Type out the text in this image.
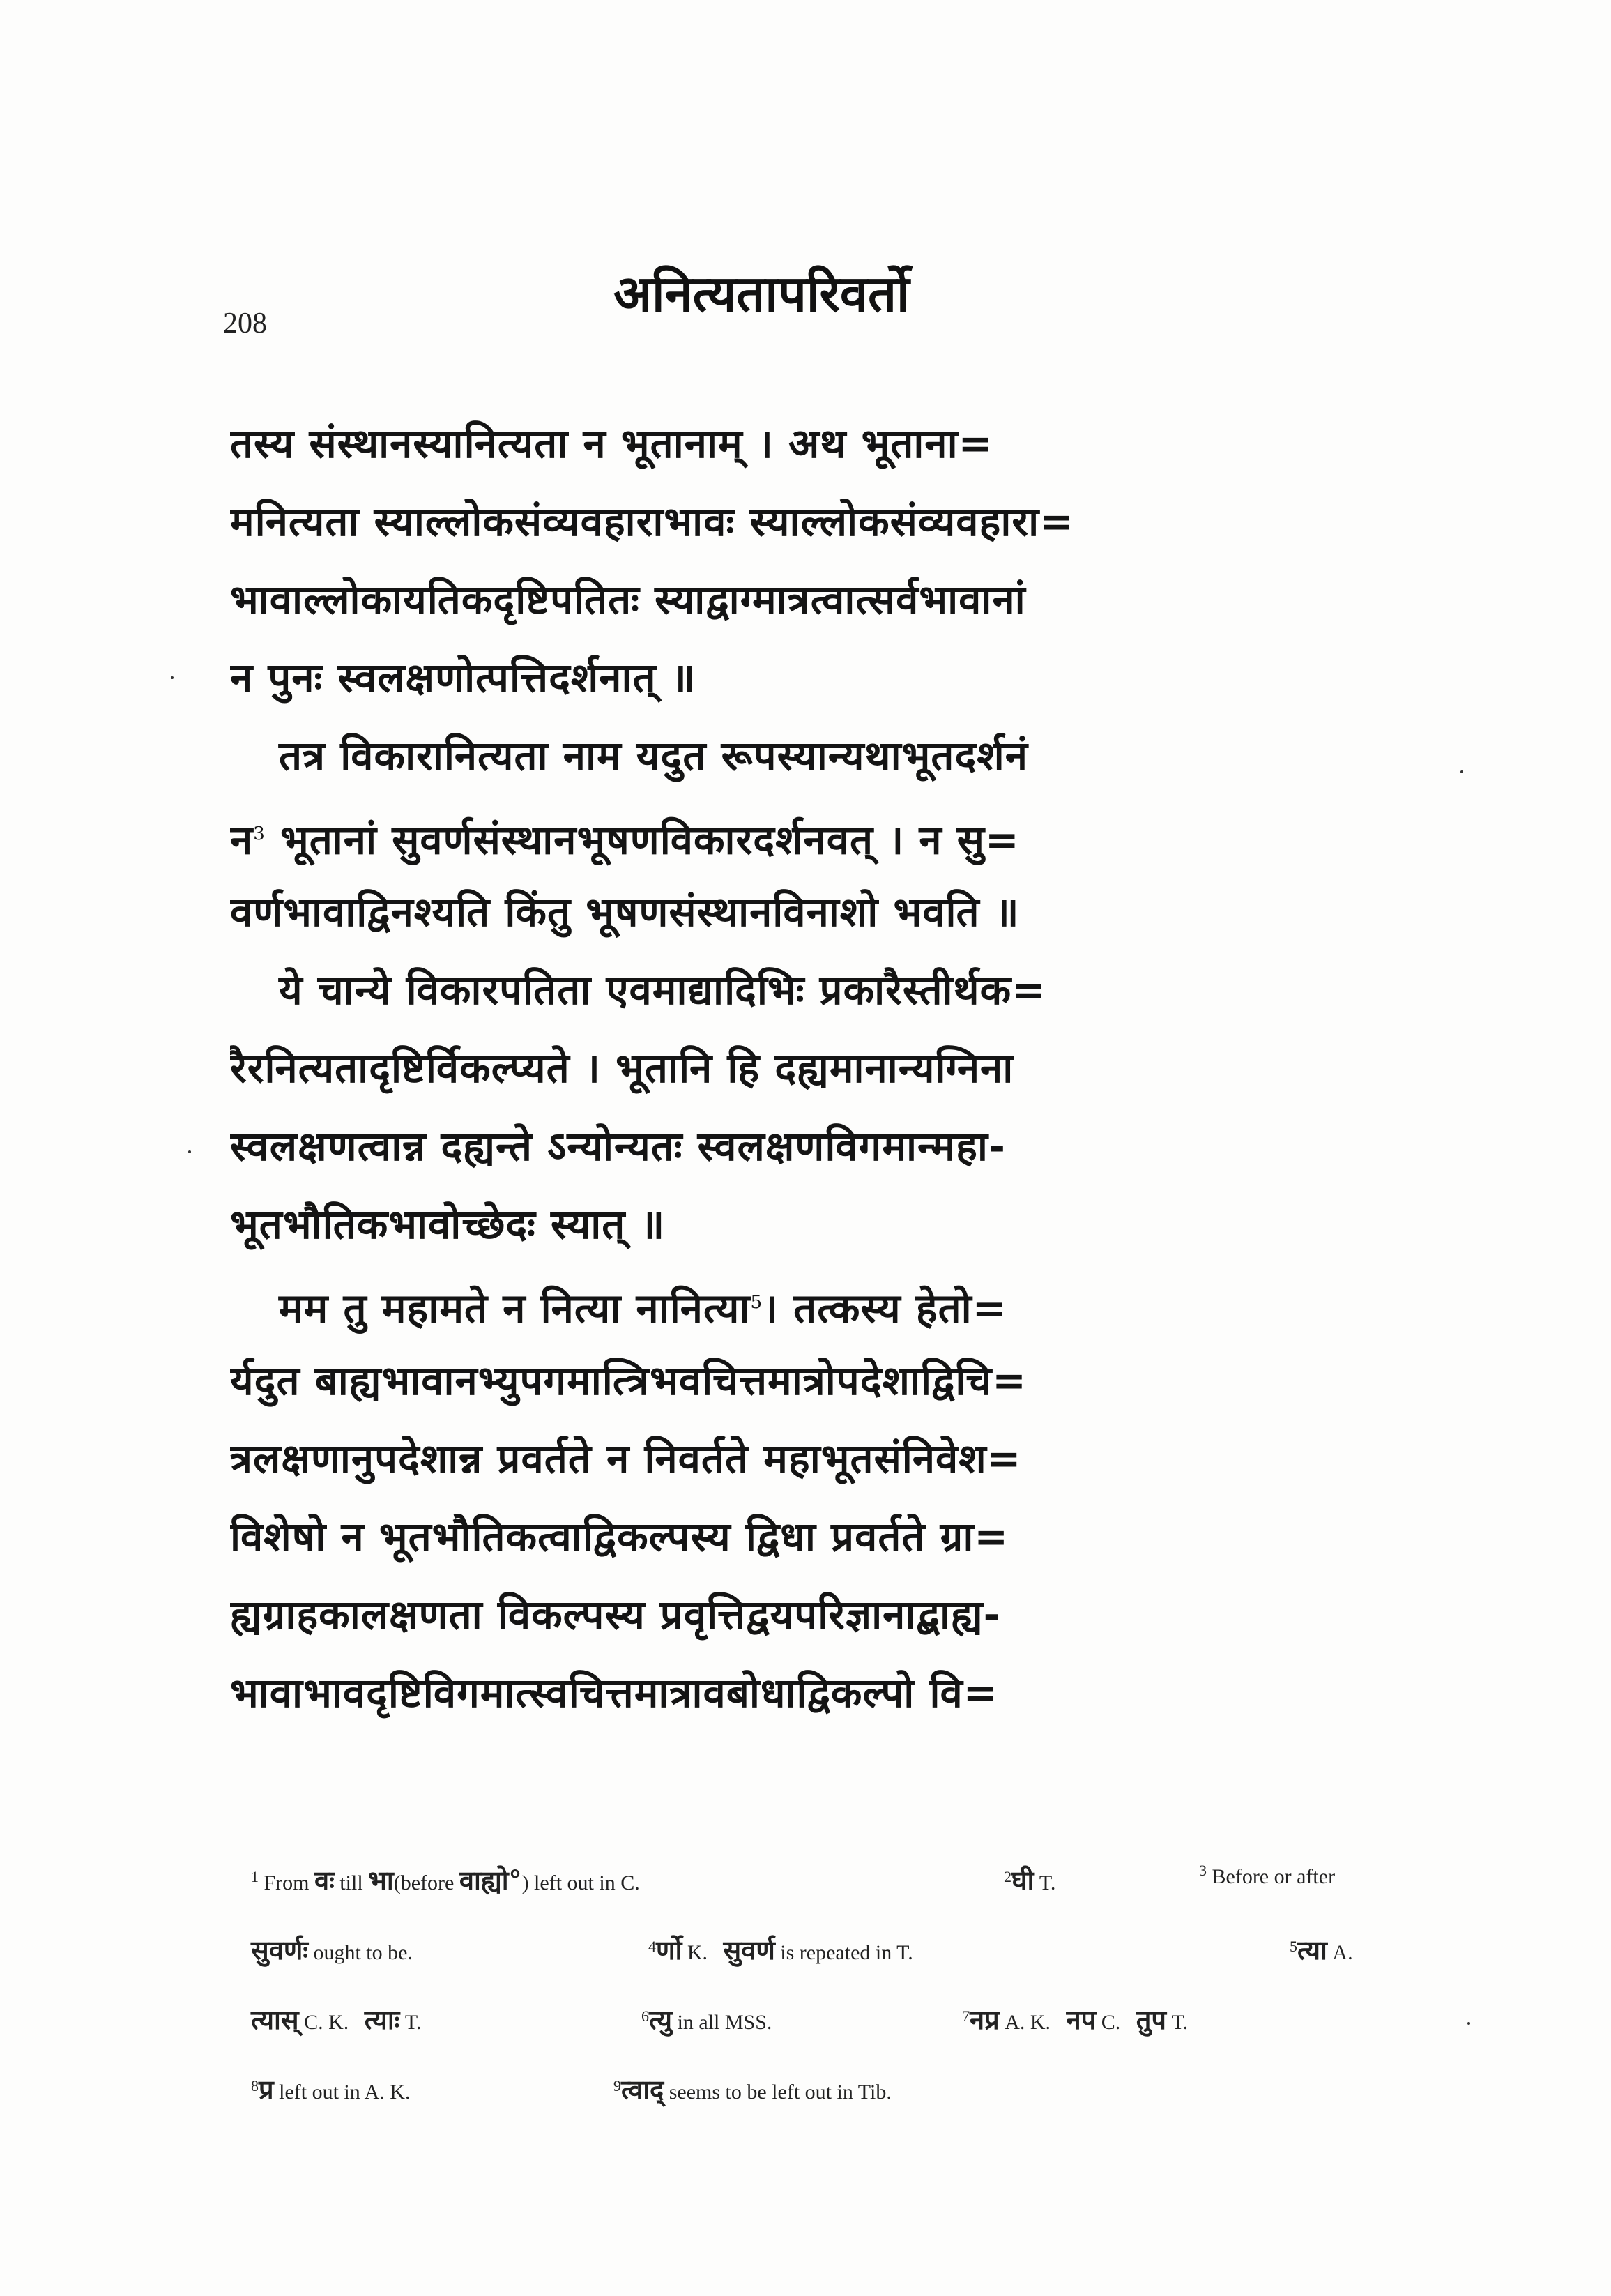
208
अनित्यतापरिवर्तो
तस्य संस्थानस्यानित्यता न भूतानाम् । अथ भूताना=
मनित्यता स्याल्लोकसंव्यवहाराभावः स्याल्लोकसंव्यवहारा=
भावाल्लोकायतिकदृष्टिपतितः स्याद्वाग्मात्रत्वात्सर्वभावानां
न पुनः स्वलक्षणोत्पत्तिदर्शनात् ॥
तत्र विकारानित्यता नाम यदुत रूपस्यान्यथाभूतदर्शनं
न$^3$ भूतानां सुवर्णसंस्थानभूषणविकारदर्शनवत् । न सु=
वर्णभावाद्विनश्यति किंतु भूषणसंस्थानविनाशो भवति ॥
ये चान्ये विकारपतिता एवमाद्यादिभिः प्रकारैस्तीर्थक=
रैरनित्यतादृष्टिर्विकल्प्यते । भूतानि हि दह्यमानान्यग्निना
स्वलक्षणत्वान्न दह्यन्ते ऽन्योन्यतः स्वलक्षणविगमान्महा-
भूतभौतिकभावोच्छेदः स्यात् ॥
मम तु महामते न नित्या नानित्या$^5$। तत्कस्य हेतो=
र्यदुत बाह्यभावानभ्युपगमात्त्रिभवचित्तमात्रोपदेशाद्विचि=
त्रलक्षणानुपदेशान्न प्रवर्तते न निवर्तते महाभूतसंनिवेश=
विशेषो न भूतभौतिकत्वाद्विकल्पस्य द्विधा प्रवर्तते ग्रा=
ह्यग्राहकालक्षणता विकल्पस्य प्रवृत्तिद्वयपरिज्ञानाद्बाह्य-
भावाभावदृष्टिविगमात्स्वचित्तमात्रावबोधाद्विकल्पो वि=
$^1$ From वः till भा(before वाह्यो°) left out in C.	$^2$घी T.
$^3$ Before or after
सुवर्णः ought to be.	$^4$र्णो K. सुवर्ण is repeated in T.	$^5$त्या A.
त्यास् C. K. त्याः T.	$^6$त्यु in all MSS.	$^7$नप्र A. K. नप C. तुप T.
$^8$प्र left out in A. K.	$^9$त्वाद् seems to be left out in Tib.
